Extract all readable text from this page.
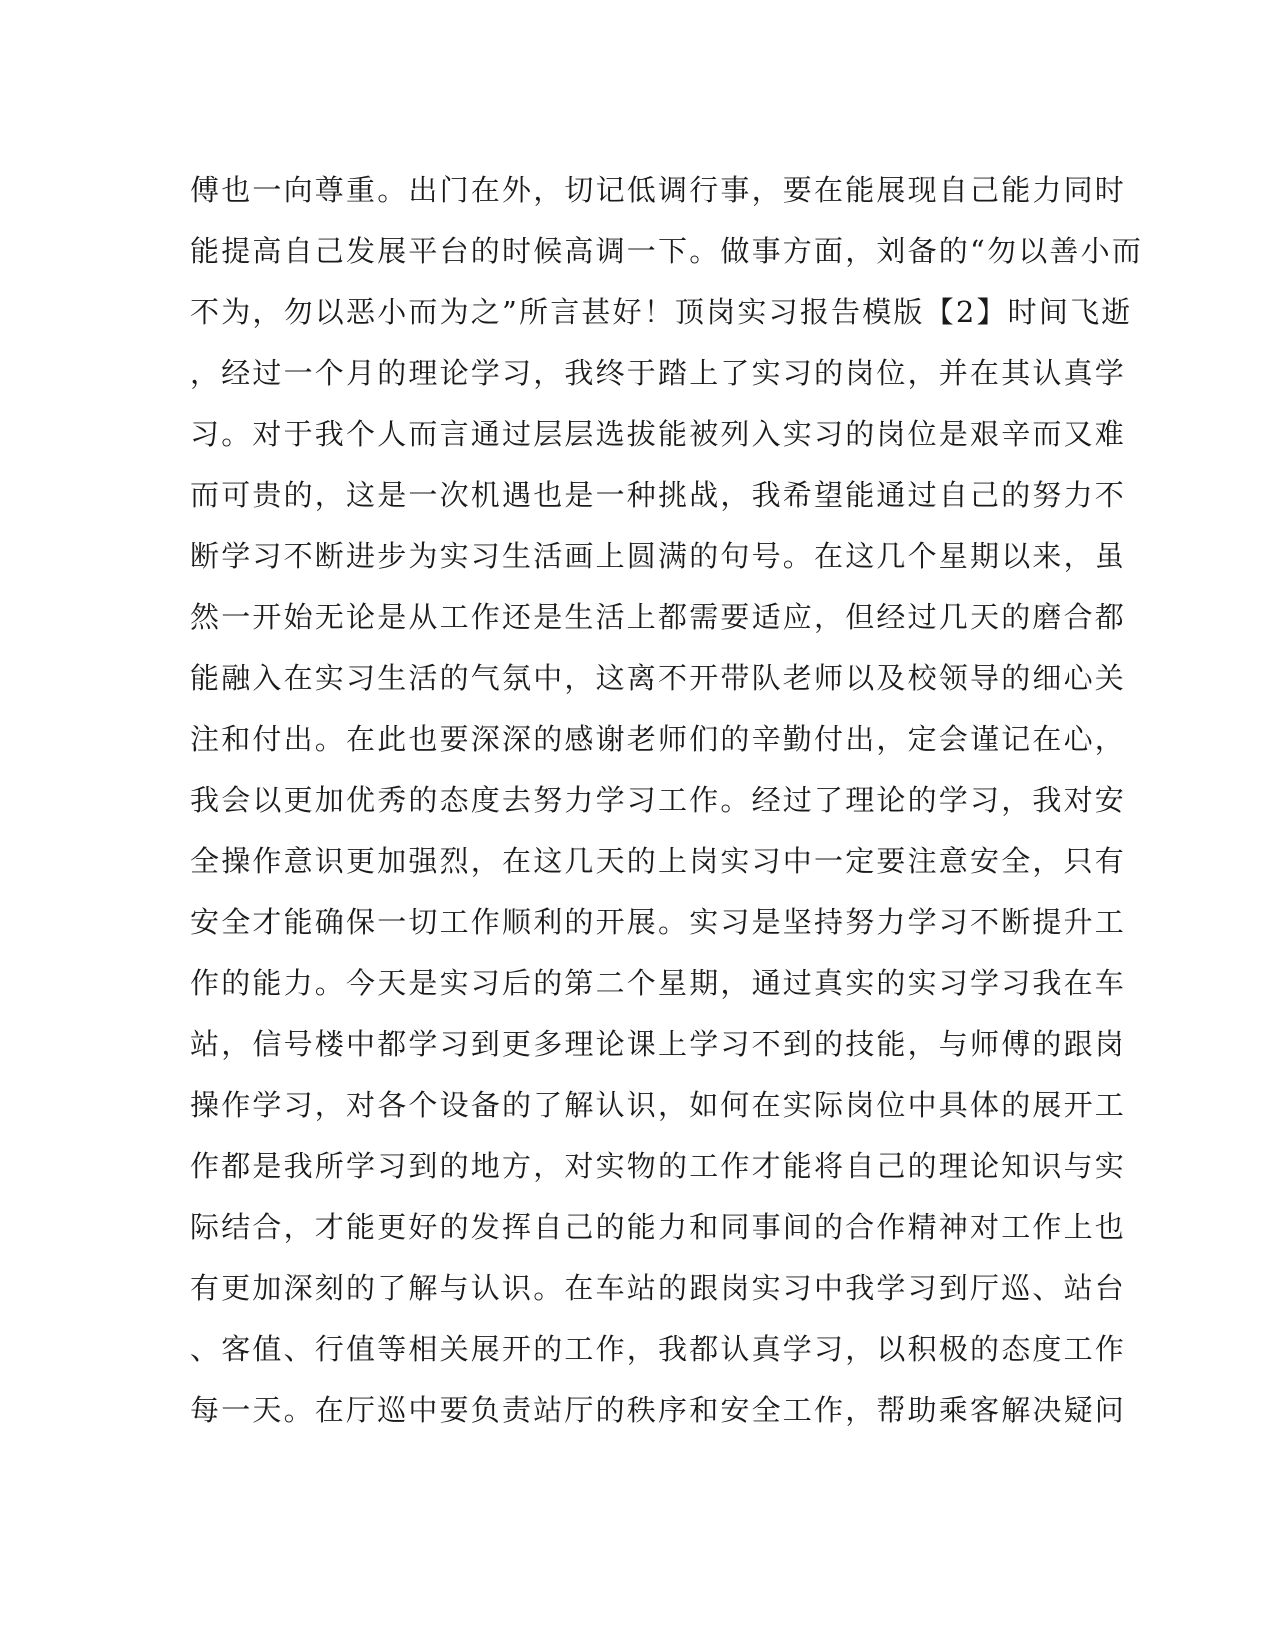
傅也一向尊重。出门在外，切记低调行事，要在能展现自己能力同时
能提高自己发展平台的时候高调一下。做事方面，刘备的“勿以善小而
不为，勿以恶小而为之”所言甚好！顶岗实习报告模版【2】时间飞逝
，经过一个月的理论学习，我终于踏上了实习的岗位，并在其认真学
习。对于我个人而言通过层层选拔能被列入实习的岗位是艰辛而又难
而可贵的，这是一次机遇也是一种挑战，我希望能通过自己的努力不
断学习不断进步为实习生活画上圆满的句号。在这几个星期以来，虽
然一开始无论是从工作还是生活上都需要适应，但经过几天的磨合都
能融入在实习生活的气氛中，这离不开带队老师以及校领导的细心关
注和付出。在此也要深深的感谢老师们的辛勤付出，定会谨记在心，
我会以更加优秀的态度去努力学习工作。经过了理论的学习，我对安
全操作意识更加强烈，在这几天的上岗实习中一定要注意安全，只有
安全才能确保一切工作顺利的开展。实习是坚持努力学习不断提升工
作的能力。今天是实习后的第二个星期，通过真实的实习学习我在车
站，信号楼中都学习到更多理论课上学习不到的技能，与师傅的跟岗
操作学习，对各个设备的了解认识，如何在实际岗位中具体的展开工
作都是我所学习到的地方，对实物的工作才能将自己的理论知识与实
际结合，才能更好的发挥自己的能力和同事间的合作精神对工作上也
有更加深刻的了解与认识。在车站的跟岗实习中我学习到厅巡、站台
、客值、行值等相关展开的工作，我都认真学习，以积极的态度工作
每一天。在厅巡中要负责站厅的秩序和安全工作，帮助乘客解决疑问
